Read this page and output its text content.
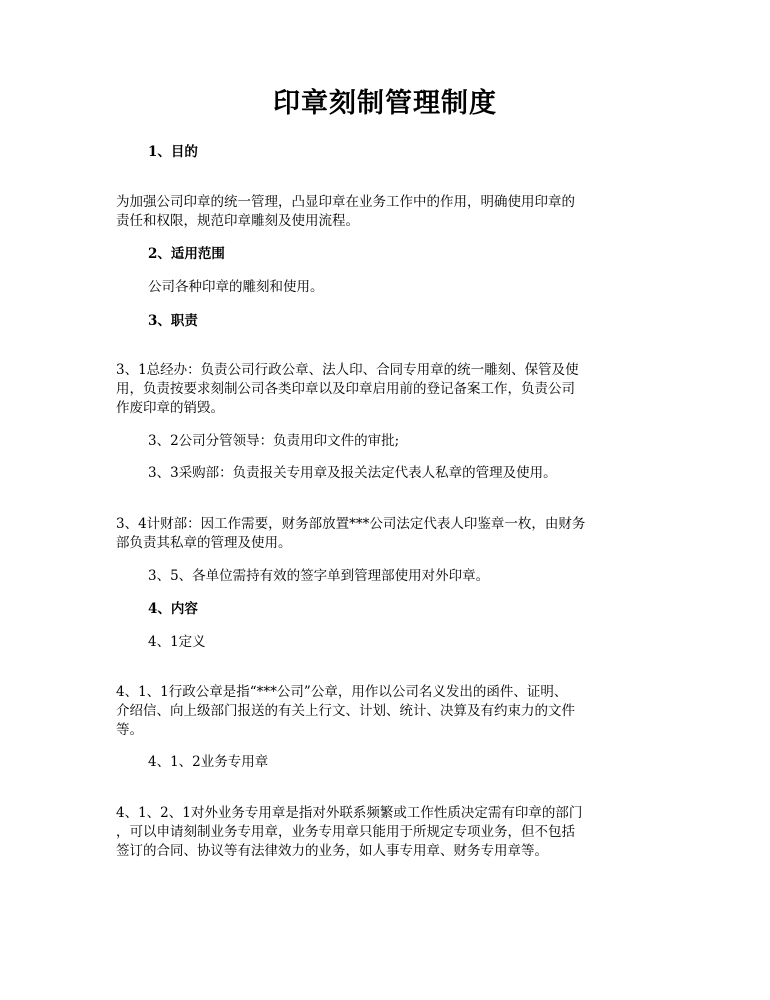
印章刻制管理制度
1、目的
为加强公司印章的统一管理，凸显印章在业务工作中的作用，明确使用印章的
责任和权限，规范印章雕刻及使用流程。
2、适用范围
公司各种印章的雕刻和使用。
3、职责
3、1总经办：负责公司行政公章、法人印、合同专用章的统一雕刻、保管及使
用，负责按要求刻制公司各类印章以及印章启用前的登记备案工作，负责公司
作废印章的销毁。
3、2公司分管领导：负责用印文件的审批;
3、3采购部：负责报关专用章及报关法定代表人私章的管理及使用。
3、4计财部：因工作需要，财务部放置***公司法定代表人印鉴章一枚，由财务
部负责其私章的管理及使用。
3、5、各单位需持有效的签字单到管理部使用对外印章。
4、内容
4、1定义
4、1、1行政公章是指“***公司”公章，用作以公司名义发出的函件、证明、
介绍信、向上级部门报送的有关上行文、计划、统计、决算及有约束力的文件
等。
4、1、2业务专用章
4、1、2、1对外业务专用章是指对外联系频繁或工作性质决定需有印章的部门
，可以申请刻制业务专用章，业务专用章只能用于所规定专项业务，但不包括
签订的合同、协议等有法律效力的业务，如人事专用章、财务专用章等。
